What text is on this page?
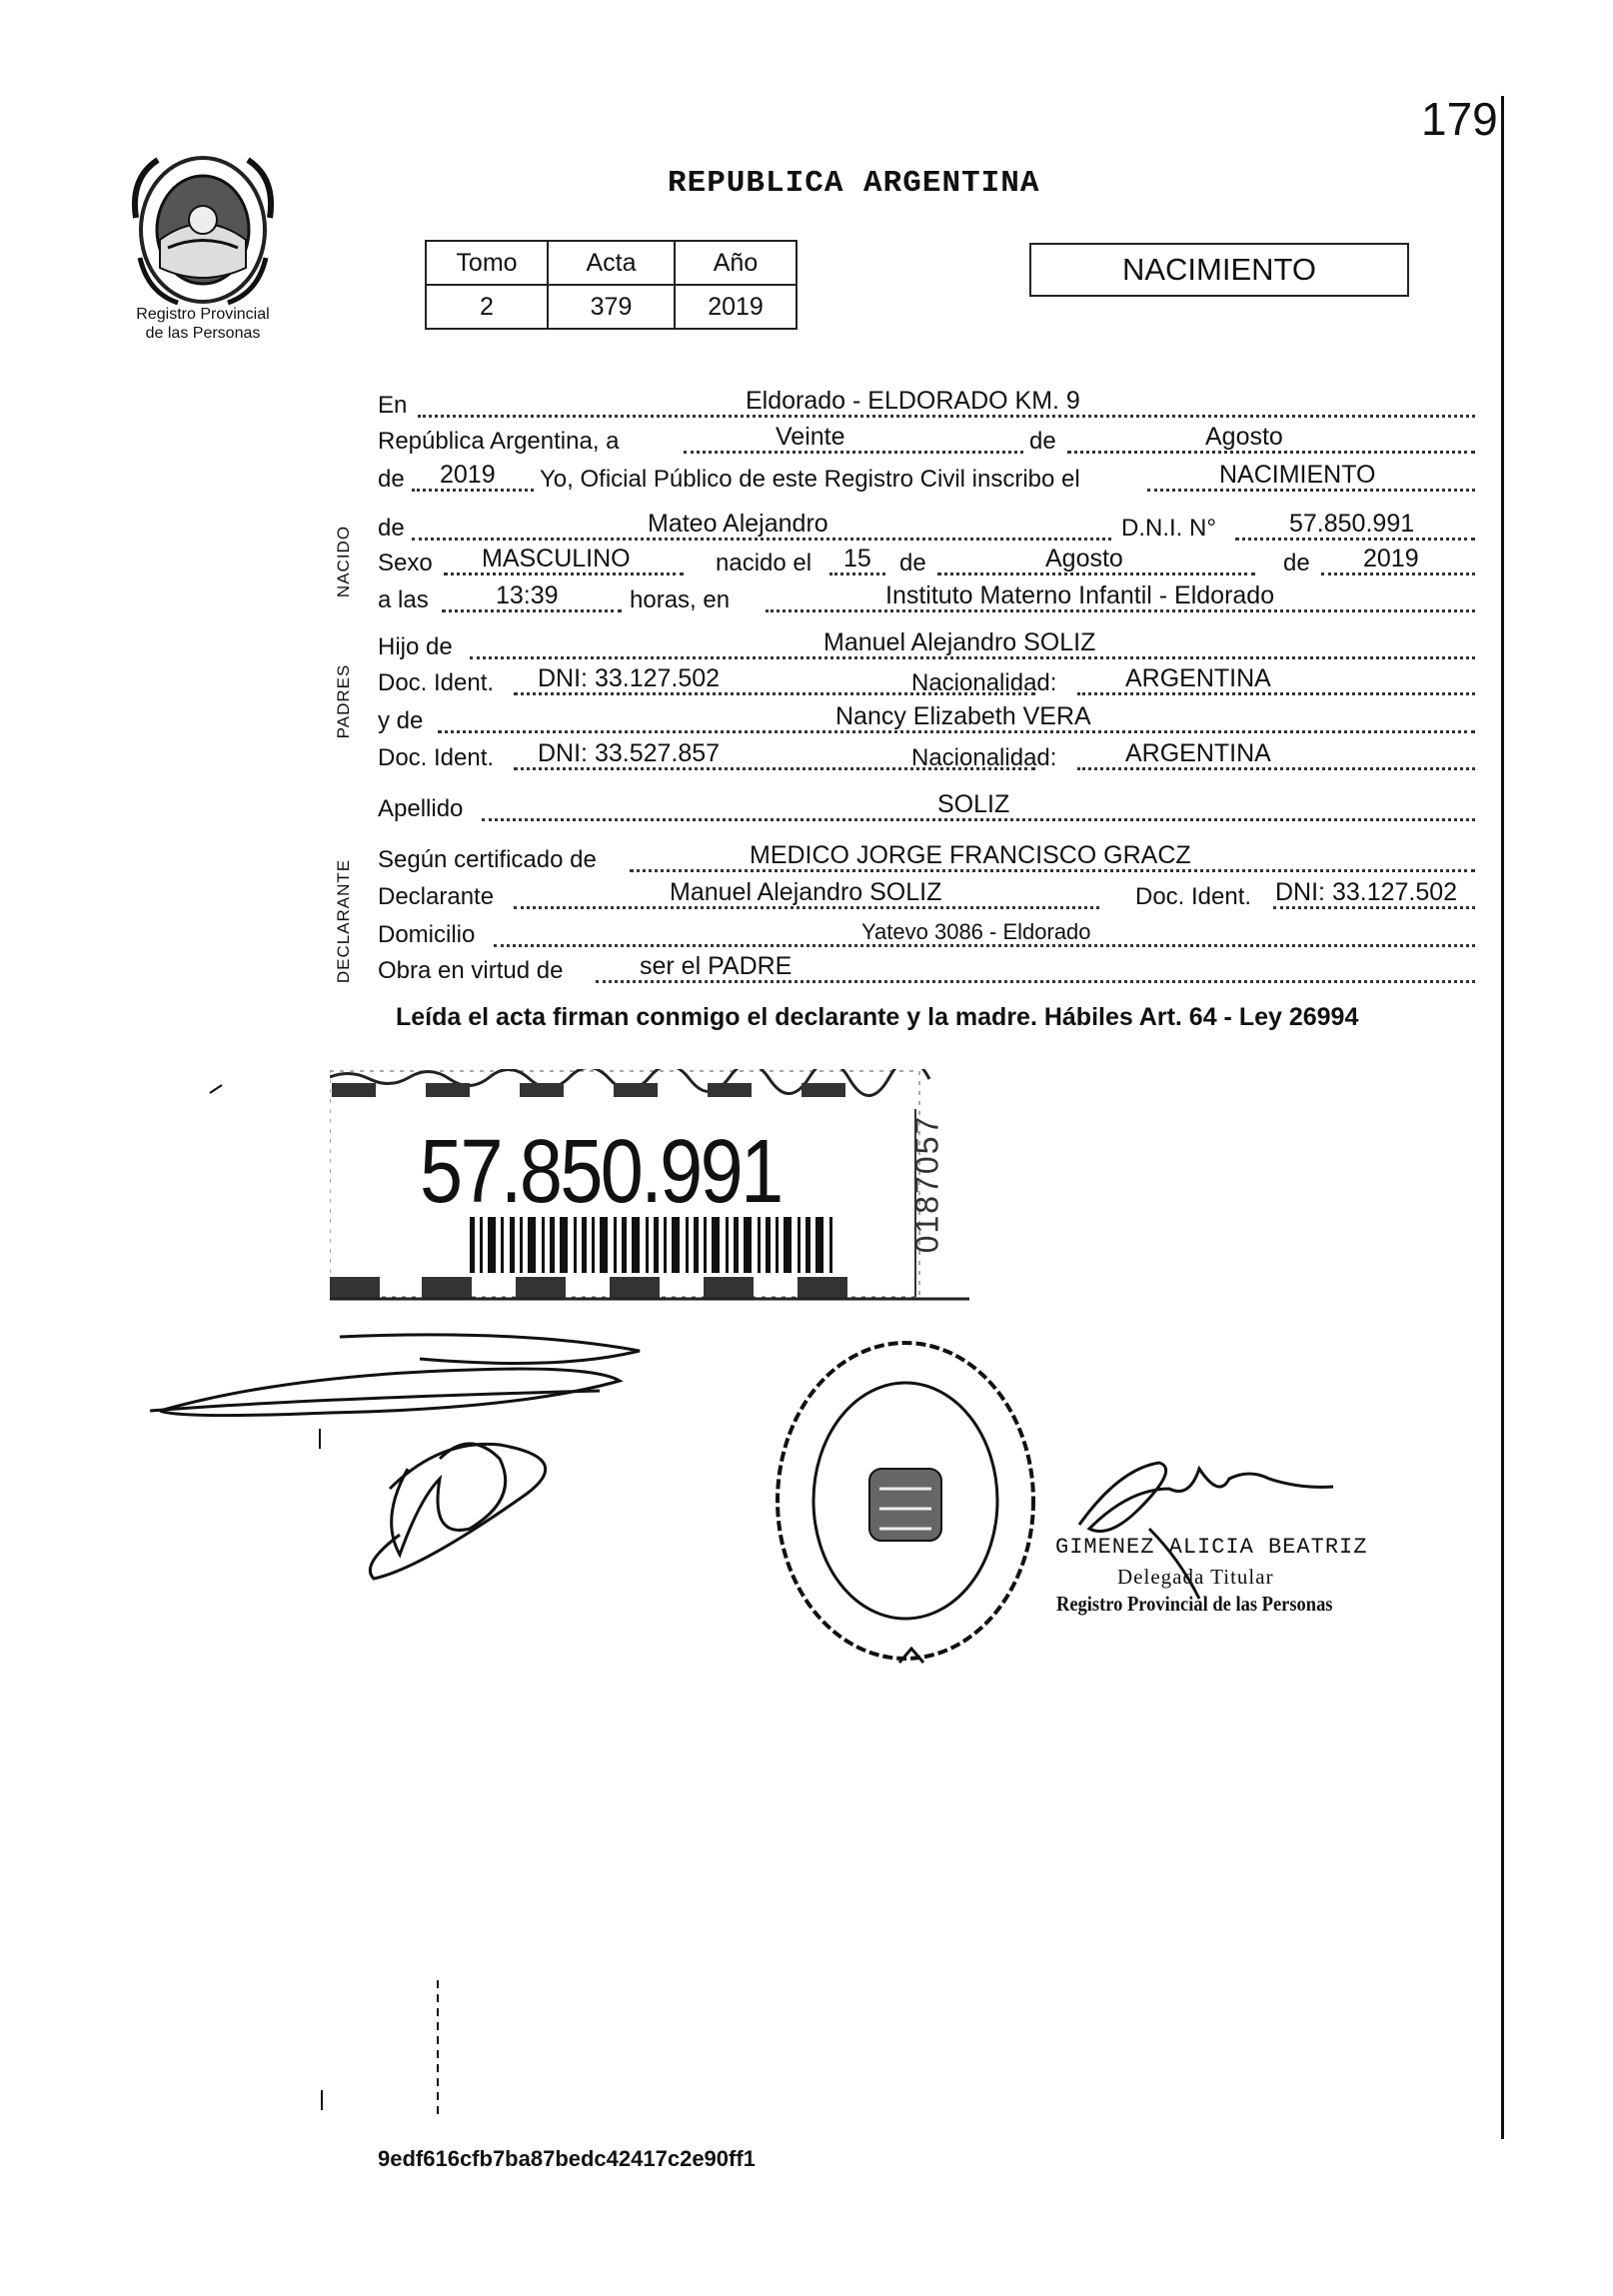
179
REPUBLICA ARGENTINA
Registro Provincial
de las Personas
Tomo	Acta	Año
2	379	2019
NACIMIENTO
NACIDO
PADRES
DECLARANTE
En	Eldorado - ELDORADO KM. 9
República Argentina, a	Veinte	de	Agosto
de 2019 Yo, Oficial Público de este Registro Civil inscribo el	NACIMIENTO
de	Mateo Alejandro	D.N.I. N°	57.850.991
Sexo MASCULINO	nacido el 15 de	Agosto	de 2019
a las	13:39	horas, en	Instituto Materno Infantil - Eldorado
Hijo de	Manuel Alejandro SOLIZ
Doc. Ident. DNI: 33.127.502	Nacionalidad:	ARGENTINA
y de	Nancy Elizabeth VERA
Doc. Ident. DNI: 33.527.857	Nacionalidad:	ARGENTINA
Apellido	SOLIZ
Según certificado de	MEDICO JORGE FRANCISCO GRACZ
Declarante	Manuel Alejandro SOLIZ	Doc. Ident. DNI: 33.127.502
Domicilio	Yatevo 3086 - Eldorado
Obra en virtud de	ser el PADRE
Leída el acta firman conmigo el declarante y la madre. Hábiles Art. 64 - Ley 26994
57.850.991	0187057
GIMENEZ ALICIA BEATRIZ
Delegada Titular
Registro Provincial de las Personas
9edf616cfb7ba87bedc42417c2e90ff1
